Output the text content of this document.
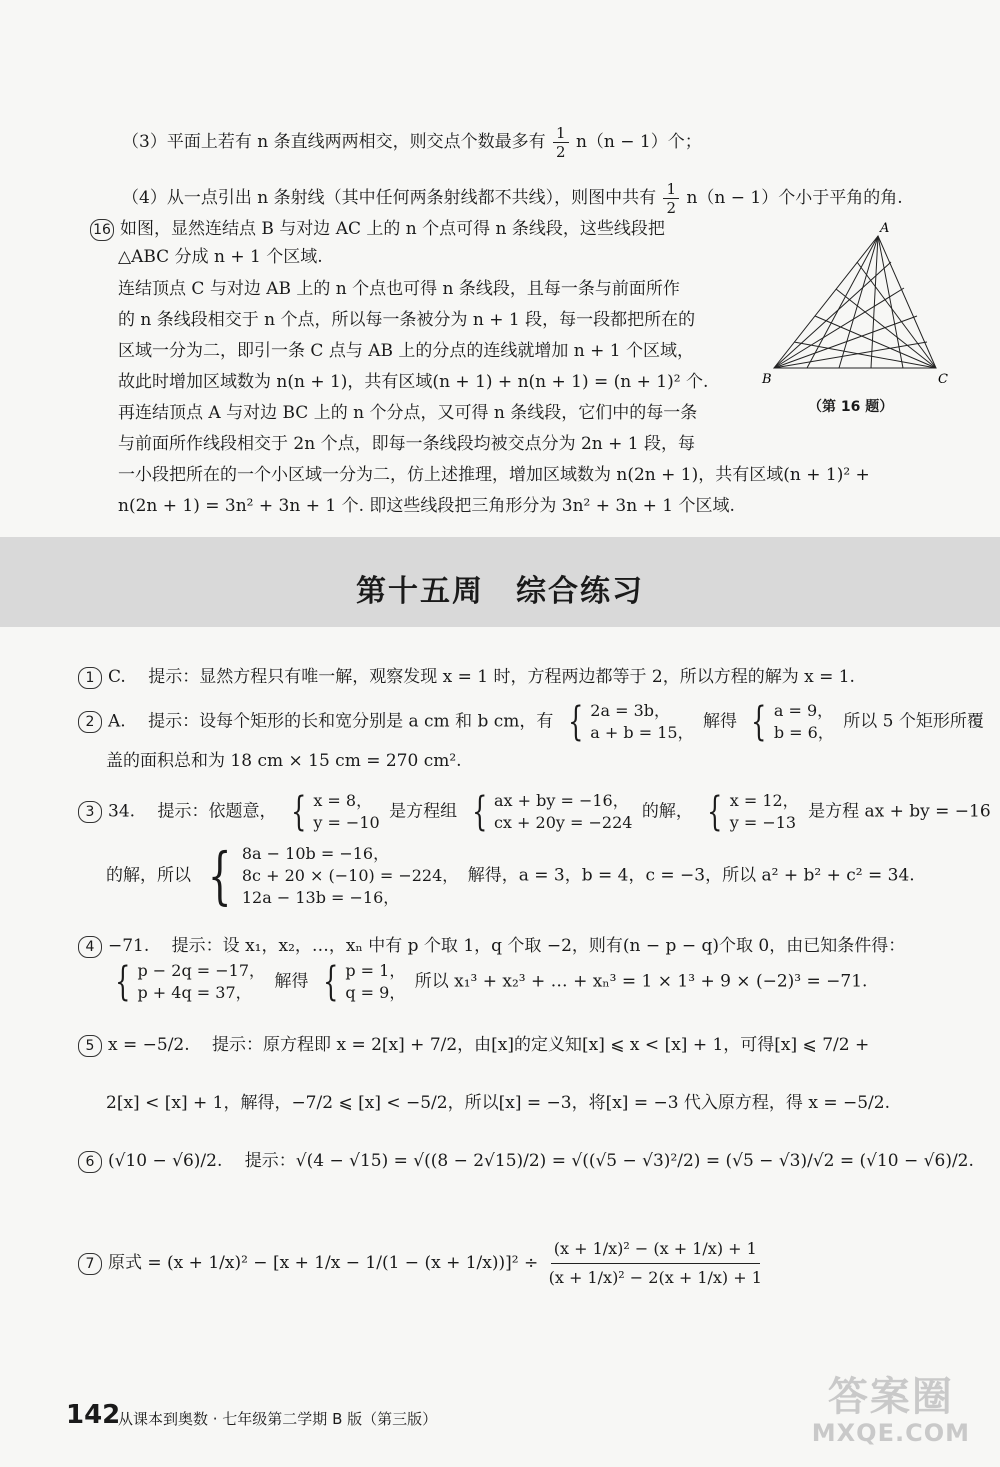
（3）平面上若有 n 条直线两两相交，则交点个数最多有 $\frac{1}{2} n(n - 1)$个；
（4）从一点引出 n 条射线（其中任何两条射线都不共线），则图中共有 $\frac{1}{2} n(n - 1)$个小于平角的角.
16 如图，显然连结点 B 与对边 AC 上的 n 个点可得 n 条线段，这些线段把
△ABC 分成 n + 1 个区域.
连结顶点 C 与对边 AB 上的 n 个点也可得 n 条线段，且每一条与前面所作
的 n 条线段相交于 n 个点，所以每一条被分为 n + 1 段，每一段都把所在的
区域一分为二，即引一条 C 点与 AB 上的分点的连线就增加 n + 1 个区域，
故此时增加区域数为 n(n + 1)，共有区域(n + 1) + n(n + 1) = (n + 1)² 个.
再连结顶点 A 与对边 BC 上的 n 个分点，又可得 n 条线段，它们中的每一条
与前面所作线段相交于 2n 个点，即每一条线段均被交点分为 2n + 1 段，每
一小段把所在的一个小区域一分为二，仿上述推理，增加区域数为 n(2n + 1)，共有区域(n + 1)² +
n(2n + 1) = 3n² + 3n + 1 个. 即这些线段把三角形分为 3n² + 3n + 1 个区域.
A
B	C
（第 16 题）
第十五周　综合练习
1 C.　 提示：显然方程只有唯一解，观察发现 x = 1 时，方程两边都等于 2，所以方程的解为 x = 1.
2 A.　 提示：设每个矩形的长和宽分别是 a cm 和 b cm，有 { 2a = 3b，
a + b = 15，
解得 { a = 9，
b = 6，
所以 5 个矩形所覆
盖的面积总和为 18 cm × 15 cm = 270 cm².
3 34.　 提示：依题意， { x = 8，
y = −10
是方程组 { ax + by = −16，
cx + 20y = −224
的解， { x = 12，
y = −13
是方程 ax + by = −16
的解，所以 { 8a − 10b = −16，
8c + 20 × (−10) = −224，
12a − 13b = −16，
解得，a = 3，b = 4，c = −3，所以 a² + b² + c² = 34.
4 −71.　 提示：设 x₁，x₂，…，xₙ 中有 p 个取 1，q 个取 −2，则有(n − p − q)个取 0，由已知条件得：
{ p − 2q = −17，
p + 4q = 37，
解得 { p = 1，
q = 9，
所以 x₁³ + x₂³ + … + xₙ³ = 1 × 1³ + 9 × (−2)³ = −71.
5 x = −5/2.　 提示：原方程即 x = 2[x] + 7/2，由[x]的定义知[x] ⩽ x < [x] + 1，可得[x] ⩽ 7/2 +
2[x] < [x] + 1，解得，−7/2 ⩽ [x] < −5/2，所以[x] = −3，将[x] = −3 代入原方程，得 x = −5/2.
6 (√10 − √6)/2.　 提示：√(4 − √15) = √((8 − 2√15)/2) = √((√5 − √3)²/2) = (√5 − √3)/√2 = (√10 − √6)/2.
7 原式 = $(x + 1/x)^2 - [x + 1/x - 1/(1 - (x + 1/x))]^2 \div \frac{\text{(x + 1/x)² − (x + 1/x) + 1}}{\text{(x + 1/x)² − 2(x + 1/x) + 1}}$
142
从课本到奥数 · 七年级第二学期 B 版（第三版）	答案圈
MXQE.COM
